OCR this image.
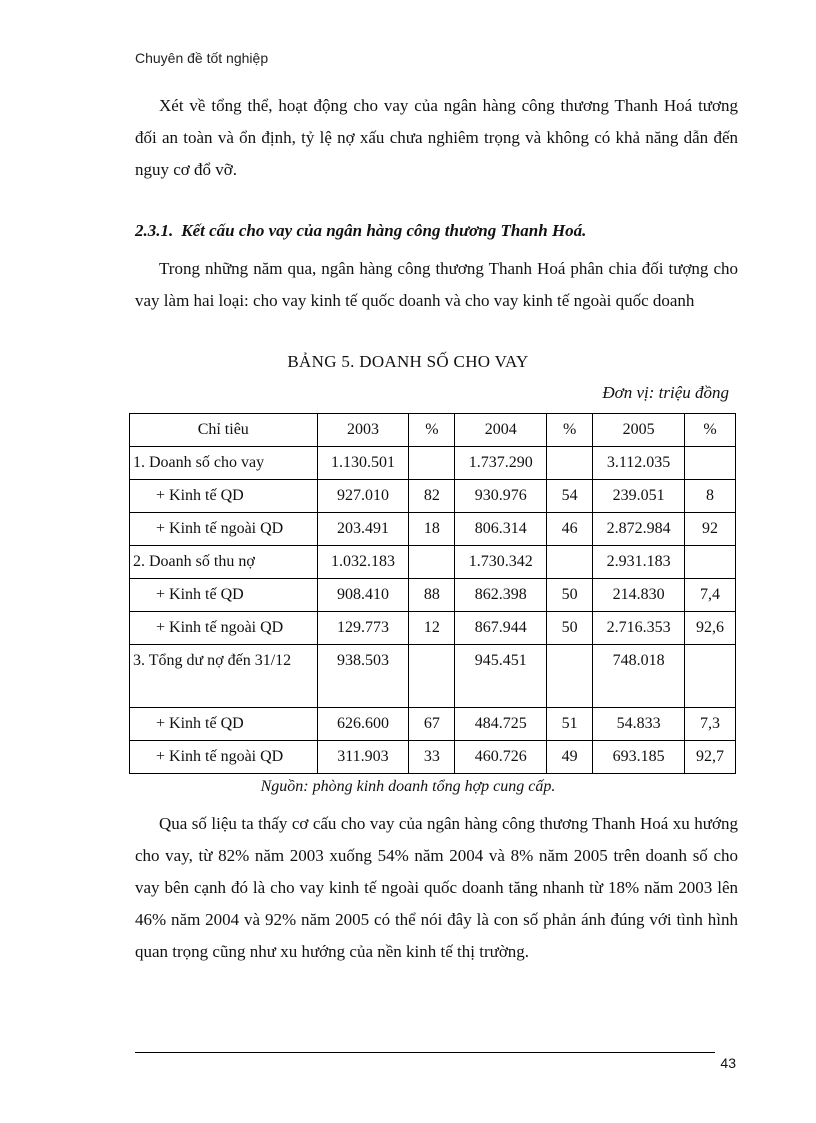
Chuyên đề tốt nghiệp

Xét về tổng thể, hoạt động cho vay của ngân hàng công thương Thanh Hoá tương đối an toàn và ổn định, tỷ lệ nợ xấu chưa nghiêm trọng và không có khả năng dẫn đến nguy cơ đổ vỡ.

2.3.1. Kết cấu cho vay của ngân hàng công thương Thanh Hoá.

Trong những năm qua, ngân hàng công thương Thanh Hoá phân chia đối tượng cho vay làm hai loại: cho vay kinh tế quốc doanh và cho vay kinh tế ngoài quốc doanh

BẢNG 5. DOANH SỐ CHO VAY
Đơn vị: triệu đồng
Chỉ tiêu	2003	%	2004	%	2005	%
1. Doanh số cho vay	1.130.501		1.737.290		3.112.035	
+ Kinh tế QD	927.010	82	930.976	54	239.051	8
+ Kinh tế ngoài QD	203.491	18	806.314	46	2.872.984	92
2. Doanh số thu nợ	1.032.183		1.730.342		2.931.183	
+ Kinh tế QD	908.410	88	862.398	50	214.830	7,4
+ Kinh tế ngoài QD	129.773	12	867.944	50	2.716.353	92,6
3. Tổng dư nợ đến 31/12	938.503		945.451		748.018	
+ Kinh tế QD	626.600	67	484.725	51	54.833	7,3
+ Kinh tế ngoài QD	311.903	33	460.726	49	693.185	92,7
Nguồn: phòng kinh doanh tổng hợp cung cấp.

Qua số liệu ta thấy cơ cấu cho vay của ngân hàng công thương Thanh Hoá xu hướng cho vay, từ 82% năm 2003 xuống 54% năm 2004 và 8% năm 2005 trên doanh số cho vay bên cạnh đó là cho vay kinh tế ngoài quốc doanh tăng nhanh từ 18% năm 2003 lên 46% năm 2004 và 92% năm 2005 có thể nói đây là con số phản ánh đúng với tình hình quan trọng cũng như xu hướng của nền kinh tế thị trường.

43
